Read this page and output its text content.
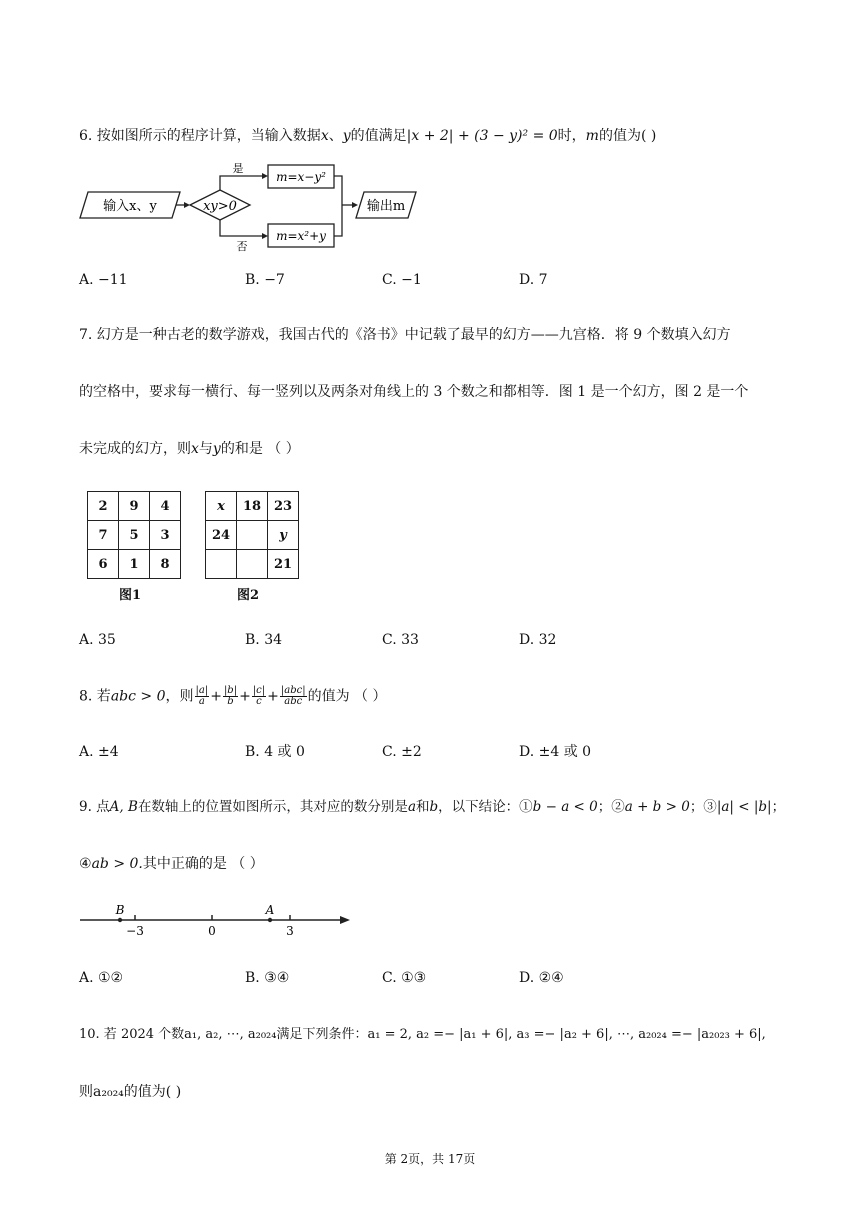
6. 按如图所示的程序计算，当输入数据x、y的值满足|x + 2| + (3 − y)² = 0时，m的值为( )
输入x、y	xy>0
是
m=x−y²
否
m=x²+y
输出m
A. −11	B. −7	C. −1	D. 7
7. 幻方是一种古老的数学游戏，我国古代的《洛书》中记载了最早的幻方——九宫格．将 9 个数填入幻方
的空格中，要求每一横行、每一竖列以及两条对角线上的 3 个数之和都相等．图 1 是一个幻方，图 2 是一个
未完成的幻方，则x与y的和是 （ ）
2	9	4
7	5	3
6	1	8
图1
x	18	23
24		y
		21
图2
A. 35	B. 34	C. 33	D. 32
8. 若abc > 0，则 $\frac{|a|}{a} + \frac{|b|}{b} + \frac{|c|}{c} + \frac{\text{|abc|}}{\text{abc}}$ 的值为 （ ）
A. ±4	B. 4 或 0	C. ±2	D. ±4 或 0
9. 点A, B在数轴上的位置如图所示，其对应的数分别是a和b，以下结论：①b − a < 0；②a + b > 0；③|a| < |b|；
④ab > 0.其中正确的是 （ ）
B	A
−3	0	3
A. ①②	B. ③④	C. ①③	D. ②④
10. 若 2024 个数a₁, a₂, ⋯, a₂₀₂₄满足下列条件：a₁ = 2, a₂ =− |a₁ + 6|, a₃ =− |a₂ + 6|, ⋯, a₂₀₂₄ =− |a₂₀₂₃ + 6|,
则a₂₀₂₄的值为( )
第 2页，共 17页
